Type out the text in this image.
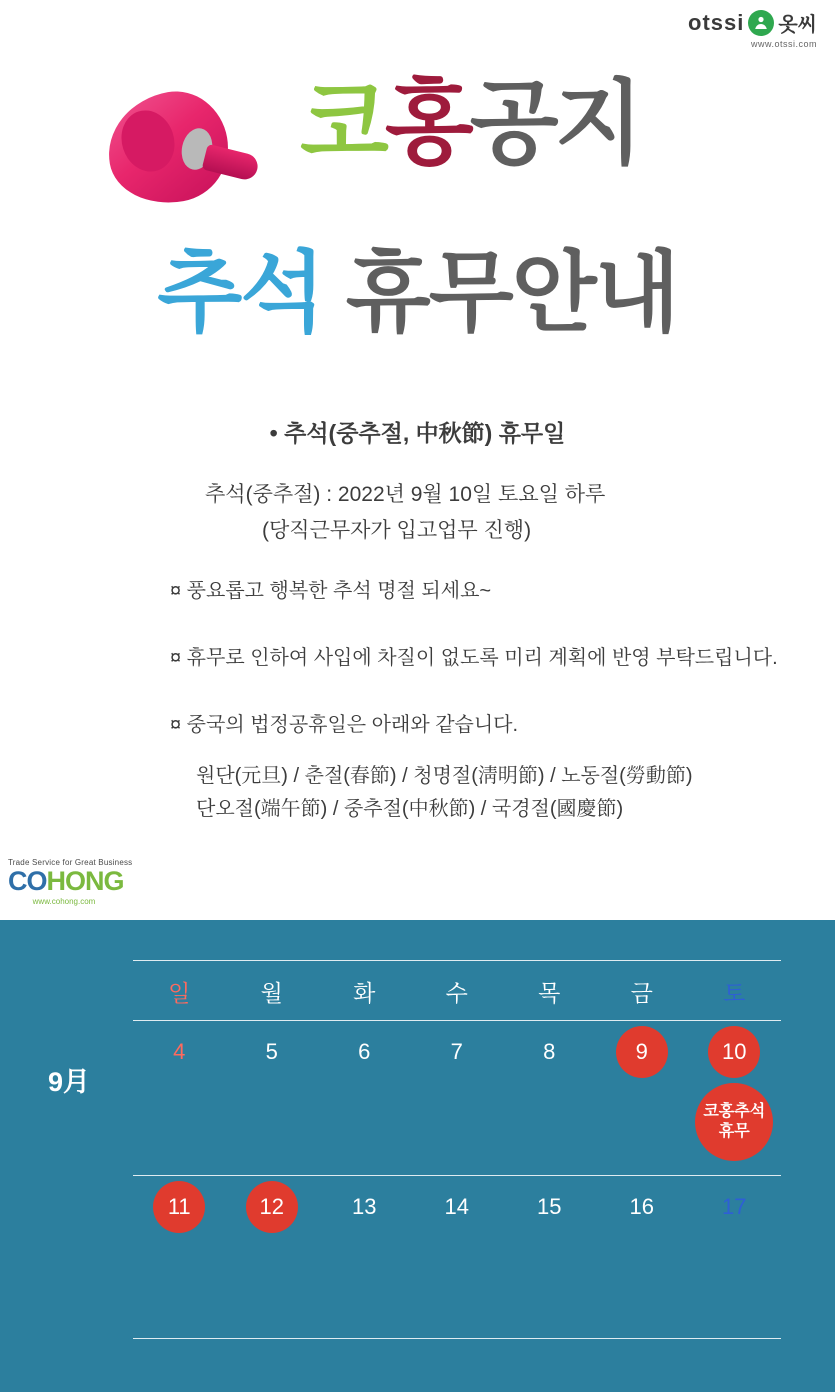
otssi 옷씨
www.otssi.com
코홍공지
추석 휴무안내
• 추석(중추절, 中秋節) 휴무일
추석(중추절) : 2022년 9월 10일 토요일 하루
(당직근무자가 입고업무 진행)
¤ 풍요롭고 행복한 추석 명절 되세요~
¤ 휴무로 인하여 사입에 차질이 없도록 미리 계획에 반영 부탁드립니다.
¤ 중국의 법정공휴일은 아래와 같습니다.
원단(元旦) / 춘절(春節) / 청명절(淸明節) / 노동절(勞動節)
단오절(端午節) / 중추절(中秋節) / 국경절(國慶節)
Trade Service for Great Business
COHONG
www.cohong.com
9月
일	월	화	수	목	금	토
4	5	6	7	8	9	10
코홍추석
휴무
11	12	13	14	15	16	17
